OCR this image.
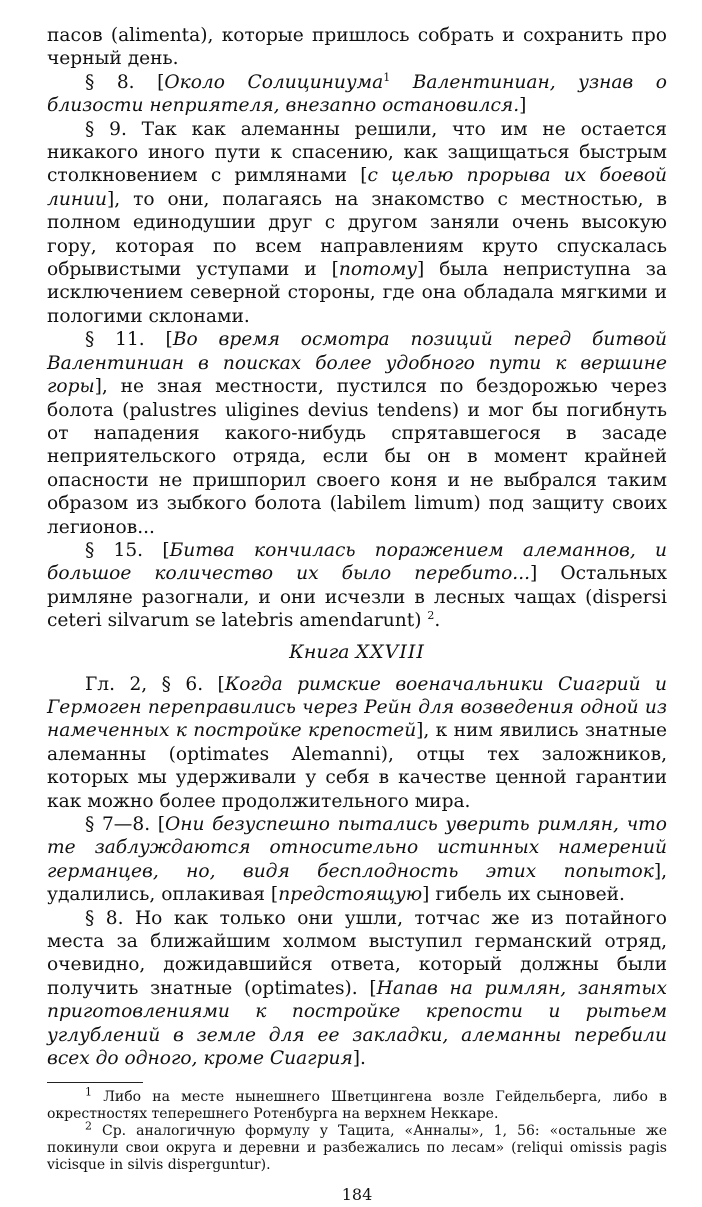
пасов (alimenta), которые пришлось собрать и сохранить про черный день.

§ 8. [Около Солициниума$^1$ Валентиниан, узнав о близости неприятеля, внезапно остановился.]

§ 9. Так как алеманны решили, что им не остается никакого иного пути к спасению, как защищаться быстрым столкновением с римлянами [с целью прорыва их боевой линии], то они, полагаясь на знакомство с местностью, в полном единодушии друг с другом заняли очень высокую гору, которая по всем направлениям круто спускалась обрывистыми уступами и [потому] была неприступна за исключением северной стороны, где она обладала мягкими и пологими склонами.

§ 11. [Во время осмотра позиций перед битвой Валентиниан в поисках более удобного пути к вершине горы], не зная местности, пустился по бездорожью через болота (palustres uligines devius tendens) и мог бы погибнуть от нападения какого-нибудь спрятавшегося в засаде неприятельского отряда, если бы он в момент крайней опасности не пришпорил своего коня и не выбрался таким образом из зыбкого болота (labilem limum) под защиту своих легионов...

§ 15. [Битва кончилась поражением алеманнов, и большое количество их было перебито...] Остальных римляне разогнали, и они исчезли в лесных чащах (dispersi ceteri silvarum se latebris amendarunt) $^2$.

Книга XXVIII

Гл. 2, § 6. [Когда римские военачальники Сиагрий и Гермоген переправились через Рейн для возведения одной из намеченных к постройке крепостей], к ним явились знатные алеманны (optimates Alemanni), отцы тех заложников, которых мы удерживали у себя в качестве ценной гарантии как можно более продолжительного мира.

§ 7—8. [Они безуспешно пытались уверить римлян, что те заблуждаются относительно истинных намерений германцев, но, видя бесплодность этих попыток], удалились, оплакивая [предстоящую] гибель их сыновей.

§ 8. Но как только они ушли, тотчас же из потайного места за ближайшим холмом выступил германский отряд, очевидно, дожидавшийся ответа, который должны были получить знатные (optimates). [Напав на римлян, занятых приготовлениями к постройке крепости и рытьем углублений в земле для ее закладки, алеманны перебили всех до одного, кроме Сиагрия].

$^1$ Либо на месте нынешнего Шветцингена возле Гейдельберга, либо в окрестностях теперешнего Ротенбурга на верхнем Неккаре.

$^2$ Ср. аналогичную формулу у Тацита, «Анналы», 1, 56: «остальные же покинули свои округа и деревни и разбежались по лесам» (reliqui omissis pagis vicisque in silvis disperguntur).

184
